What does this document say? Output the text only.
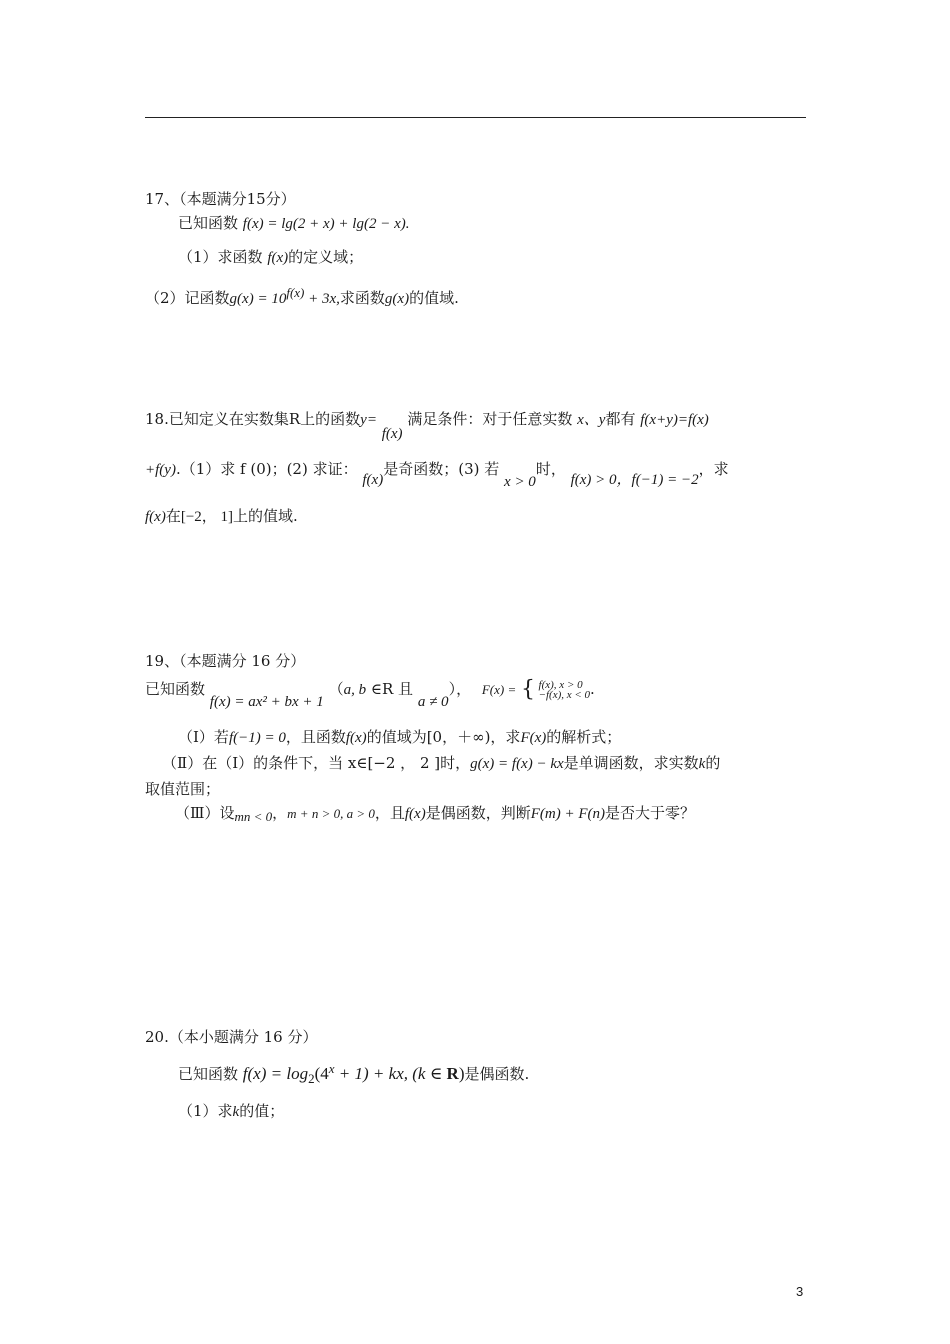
17、（本题满分15分）
已知函数 f(x) = lg(2 + x) + lg(2 − x).
（1）求函数 f(x)的定义域；
（2）记函数$g(x) = 10^{f(x)} + 3x$,求函数g(x)的值域.
18.已知定义在实数集R上的函数y= f(x) 满足条件：对于任意实数 x、y都有 f(x+y)=f(x)
+f(y).（1）求 f (0)；(2) 求证： f(x)是奇函数；(3) 若 x > 0时， f(x) > 0，f(−1) = −2，求
f(x)在[−2， 1]上的值域.
19、（本题满分 16 分）
已知函数 f(x) = ax² + bx + 1 （a, b ∈R 且 a ≠ 0）， F(x) = { f(x), x > 0
−f(x), x < 0 .
（Ⅰ）若f(−1) = 0，且函数f(x)的值域为[0，＋∞)，求F(x)的解析式；
（Ⅱ）在（Ⅰ）的条件下，当 x∈[−2 ， 2 ]时，g(x) = f(x) − kx是单调函数，求实数k的
取值范围；
（Ⅲ）设mn < 0，m + n > 0, a > 0，且f(x)是偶函数，判断F(m) + F(n)是否大于零？
20.（本小题满分 16 分）
已知函数 $f(x) = \log_2(4^x + 1)$ + kx, (k ∈ R)是偶函数.
（1）求k的值；
3
